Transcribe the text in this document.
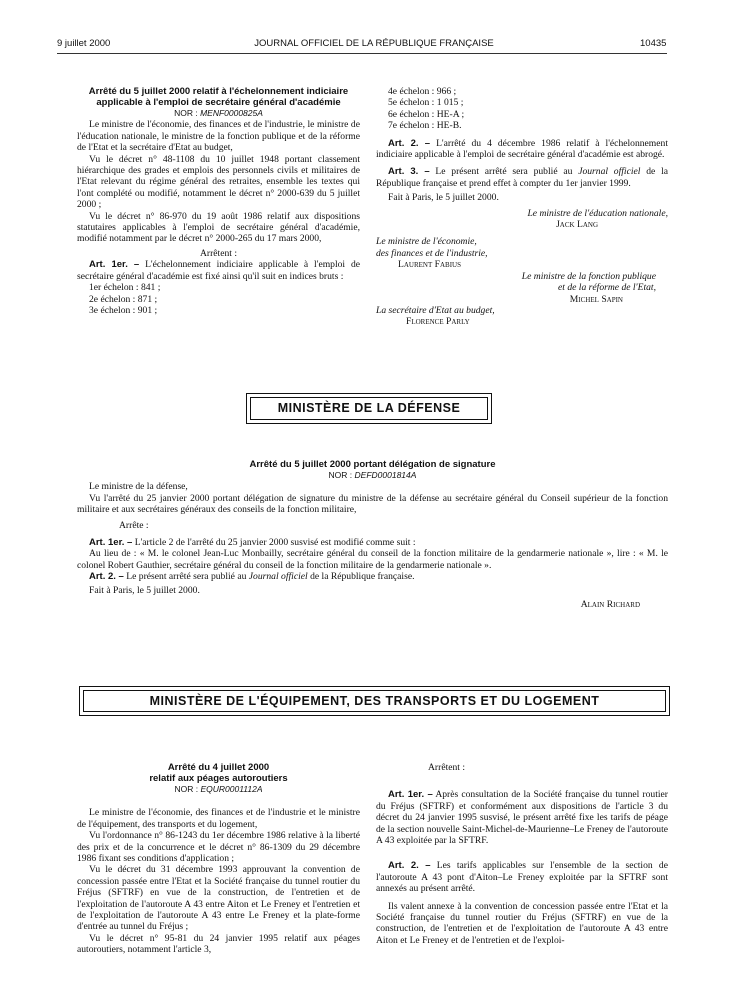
9 juillet 2000	JOURNAL OFFICIEL DE LA RÉPUBLIQUE FRANÇAISE	10435

Arrêté du 5 juillet 2000 relatif à l'échelonnement indiciaire

applicable à l'emploi de secrétaire général d'académie

NOR : MENF0000825A

Le ministre de l'économie, des finances et de l'industrie, le ministre de l'éducation nationale, le ministre de la fonction publique et de la réforme de l'Etat et la secrétaire d'Etat au budget,

Vu le décret n° 48-1108 du 10 juillet 1948 portant classement hiérarchique des grades et emplois des personnels civils et militaires de l'Etat relevant du régime général des retraites, ensemble les textes qui l'ont complété ou modifié, notamment le décret n° 2000-639 du 5 juillet 2000 ;

Vu le décret n° 86-970 du 19 août 1986 relatif aux dispositions statutaires applicables à l'emploi de secrétaire général d'académie, modifié notamment par le décret n° 2000-265 du 17 mars 2000,

Arrêtent :

Art. 1er. – L'échelonnement indiciaire applicable à l'emploi de secrétaire général d'académie est fixé ainsi qu'il suit en indices bruts :

1er échelon : 841 ;

2e échelon : 871 ;

3e échelon : 901 ;

4e échelon : 966 ;

5e échelon : 1 015 ;

6e échelon : HE-A ;

7e échelon : HE-B.

Art. 2. – L'arrêté du 4 décembre 1986 relatif à l'échelonnement indiciaire applicable à l'emploi de secrétaire général d'académie est abrogé.

Art. 3. – Le présent arrêté sera publié au Journal officiel de la République française et prend effet à compter du 1er janvier 1999.

Fait à Paris, le 5 juillet 2000.

Le ministre de l'éducation nationale,

Jack Lang

Le ministre de l'économie,

des finances et de l'industrie,

Laurent Fabius

Le ministre de la fonction publique

et de la réforme de l'Etat,

Michel Sapin

La secrétaire d'Etat au budget,

Florence Parly

MINISTÈRE DE LA DÉFENSE

Arrêté du 5 juillet 2000 portant délégation de signature

NOR : DEFD0001814A

Le ministre de la défense,

Vu l'arrêté du 25 janvier 2000 portant délégation de signature du ministre de la défense au secrétaire général du Conseil supérieur de la fonction militaire et aux secrétaires généraux des conseils de la fonction militaire,

Arrête :

Art. 1er. – L'article 2 de l'arrêté du 25 janvier 2000 susvisé est modifié comme suit :

Au lieu de : « M. le colonel Jean-Luc Monbailly, secrétaire général du conseil de la fonction militaire de la gendarmerie nationale », lire : « M. le colonel Robert Gauthier, secrétaire général du conseil de la fonction militaire de la gendarmerie nationale ».

Art. 2. – Le présent arrêté sera publié au Journal officiel de la République française.

Fait à Paris, le 5 juillet 2000.

Alain Richard

MINISTÈRE DE L'ÉQUIPEMENT, DES TRANSPORTS ET DU LOGEMENT

Arrêté du 4 juillet 2000

relatif aux péages autoroutiers

NOR : EQUR0001112A

Le ministre de l'économie, des finances et de l'industrie et le ministre de l'équipement, des transports et du logement,

Vu l'ordonnance n° 86-1243 du 1er décembre 1986 relative à la liberté des prix et de la concurrence et le décret n° 86-1309 du 29 décembre 1986 fixant ses conditions d'application ;

Vu le décret du 31 décembre 1993 approuvant la convention de concession passée entre l'Etat et la Société française du tunnel routier du Fréjus (SFTRF) en vue de la construction, de l'entretien et de l'exploitation de l'autoroute A 43 entre Aiton et Le Freney et l'entretien et de l'exploitation de l'autoroute A 43 entre Le Freney et la plate-forme d'entrée au tunnel du Fréjus ;

Vu le décret n° 95-81 du 24 janvier 1995 relatif aux péages autoroutiers, notamment l'article 3,

Arrêtent :

Art. 1er. – Après consultation de la Société française du tunnel routier du Fréjus (SFTRF) et conformément aux dispositions de l'article 3 du décret du 24 janvier 1995 susvisé, le présent arrêté fixe les tarifs de péage de la section nouvelle Saint-Michel-de-Maurienne–Le Freney de l'autoroute A 43 exploitée par la SFTRF.

Art. 2. – Les tarifs applicables sur l'ensemble de la section de l'autoroute A 43 pont d'Aiton–Le Freney exploitée par la SFTRF sont annexés au présent arrêté.

Ils valent annexe à la convention de concession passée entre l'Etat et la Société française du tunnel routier du Fréjus (SFTRF) en vue de la construction, de l'entretien et de l'exploitation de l'autoroute A 43 entre Aiton et Le Freney et de l'entretien et de l'exploi-
